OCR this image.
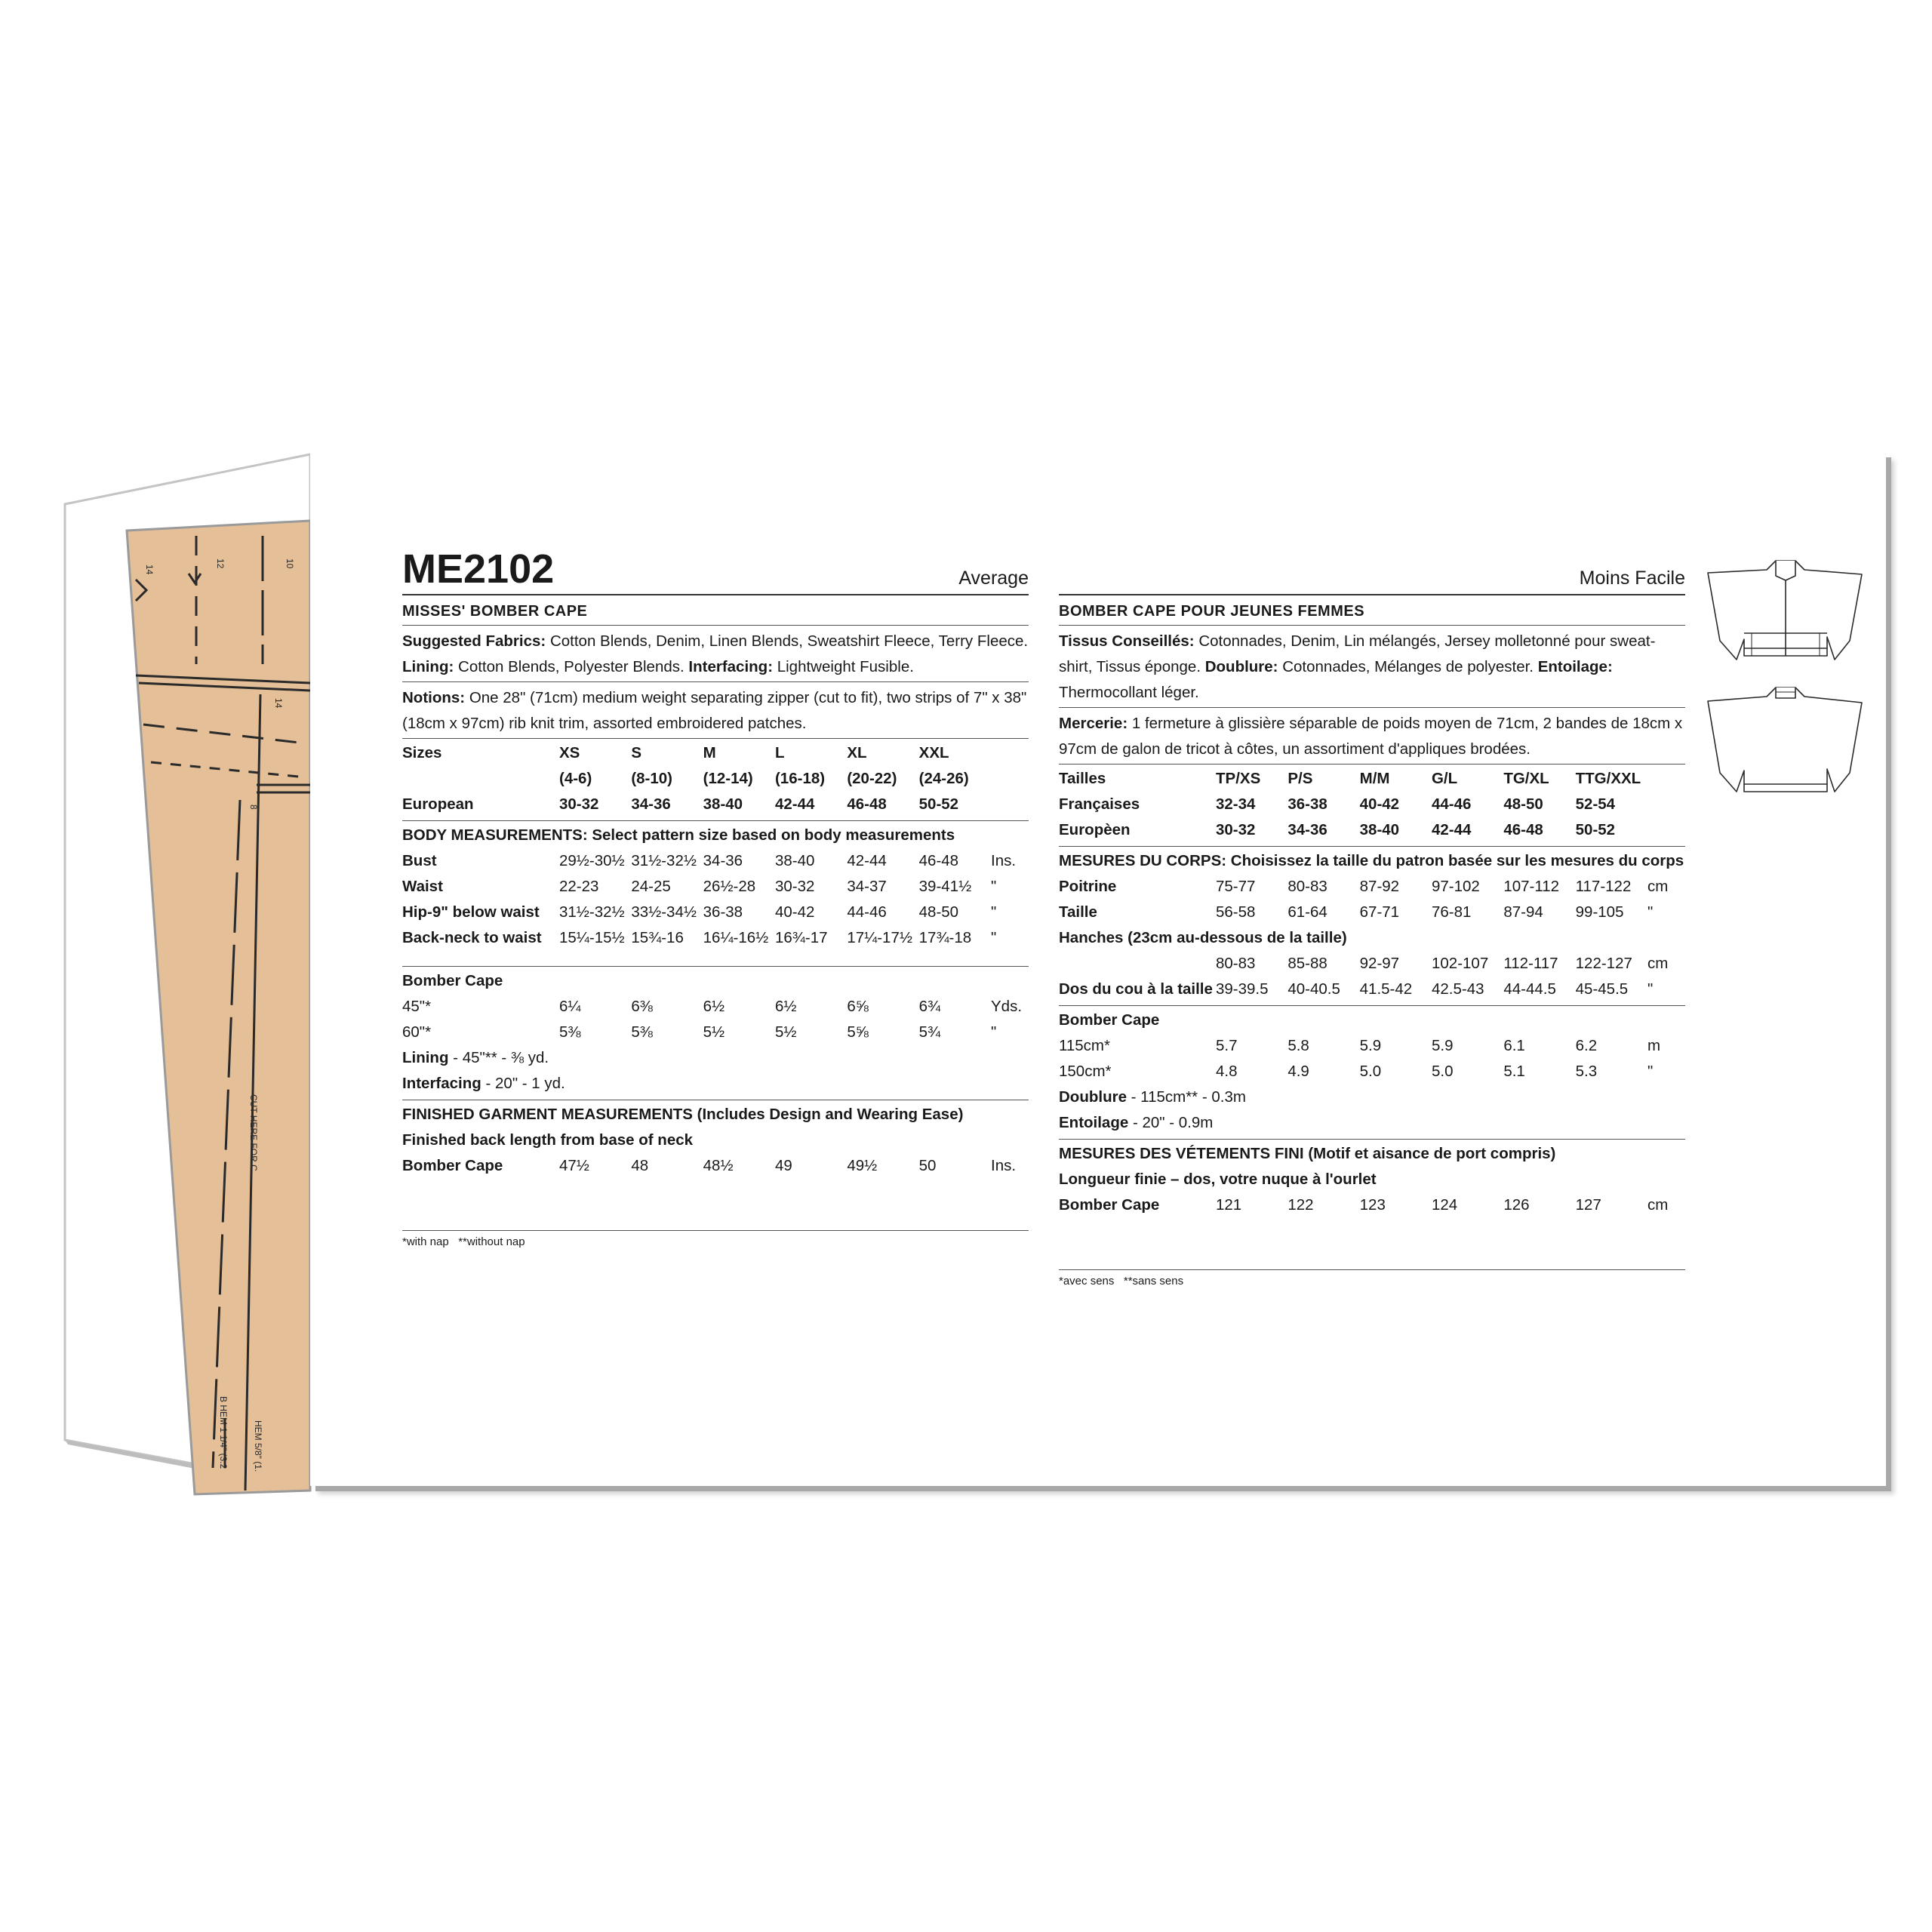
14
12	10
14
8
CUT HERE FOR C
B HEM 1 1/4" (3.2	HEM 5/8" (1.
ME2102	Average
MISSES' BOMBER CAPE
Suggested Fabrics: Cotton Blends, Denim, Linen Blends, Sweatshirt Fleece, Terry Fleece. Lining: Cotton Blends, Polyester Blends. Interfacing: Lightweight Fusible.
Notions: One 28" (71cm) medium weight separating zipper (cut to fit), two strips of 7" x 38" (18cm x 97cm) rib knit trim, assorted embroidered patches.
Sizes	XS	S	M	L	XL	XXL	
	(4-6)	(8-10)	(12-14)	(16-18)	(20-22)	(24-26)	
European	30-32	34-36	38-40	42-44	46-48	50-52	
BODY MEASUREMENTS: Select pattern size based on body measurements
Bust	29½-30½	31½-32½	34-36	38-40	42-44	46-48	Ins.
Waist	22-23	24-25	26½-28	30-32	34-37	39-41½	"
Hip-9" below waist	31½-32½	33½-34½	36-38	40-42	44-46	48-50	"
Back-neck to waist	15¼-15½	15¾-16	16¼-16½	16¾-17	17¼-17½	17¾-18	"
Bomber Cape
45"*	6¼	6⅜	6½	6½	6⅝	6¾	Yds.
60"*	5⅜	5⅜	5½	5½	5⅝	5¾	"
Lining - 45"** - ⅜ yd.
Interfacing - 20" - 1 yd.
FINISHED GARMENT MEASUREMENTS (Includes Design and Wearing Ease)
Finished back length from base of neck
Bomber Cape	47½	48	48½	49	49½	50	Ins.
*with nap   **without nap
Moins Facile
BOMBER CAPE POUR JEUNES FEMMES
Tissus Conseillés: Cotonnades, Denim, Lin mélangés, Jersey molletonné pour sweat-shirt, Tissus éponge. Doublure: Cotonnades, Mélanges de polyester. Entoilage: Thermocollant léger.
Mercerie: 1 fermeture à glissière séparable de poids moyen de 71cm, 2 bandes de 18cm x 97cm de galon de tricot à côtes, un assortiment d'appliques brodées.
Tailles	TP/XS	P/S	M/M	G/L	TG/XL	TTG/XXL	
Françaises	32-34	36-38	40-42	44-46	48-50	52-54	
Europèen	30-32	34-36	38-40	42-44	46-48	50-52	
MESURES DU CORPS: Choisissez la taille du patron basée sur les mesures du corps
Poitrine	75-77	80-83	87-92	97-102	107-112	117-122	cm
Taille	56-58	61-64	67-71	76-81	87-94	99-105	"
Hanches (23cm au-dessous de la taille)							
	80-83	85-88	92-97	102-107	112-117	122-127	cm
Dos du cou à la taille	39-39.5	40-40.5	41.5-42	42.5-43	44-44.5	45-45.5	"
Bomber Cape
115cm*	5.7	5.8	5.9	5.9	6.1	6.2	m
150cm*	4.8	4.9	5.0	5.0	5.1	5.3	"
Doublure - 115cm** - 0.3m
Entoilage - 20" - 0.9m
MESURES DES VÉTEMENTS FINI (Motif et aisance de port compris)
Longueur finie – dos, votre nuque à l'ourlet
Bomber Cape	121	122	123	124	126	127	cm
*avec sens   **sans sens
